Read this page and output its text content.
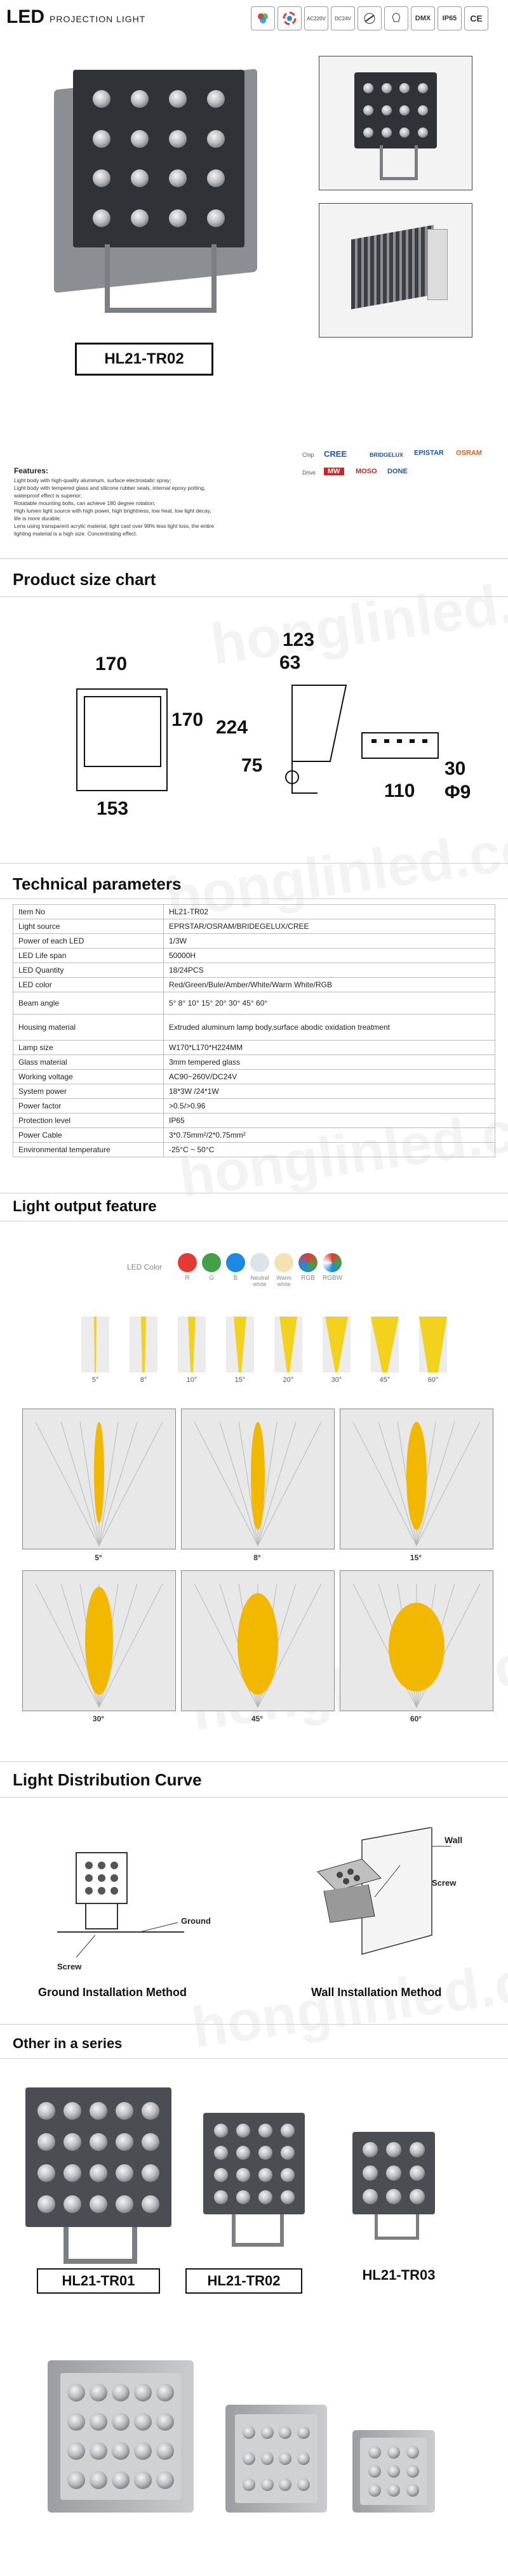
LED PROJECTION LIGHT	AC220V DC24V	DMX IP65 CE
HL21-TR02
Features:
Light body with high-quality aluminum, surface electrostatic spray;
Light body with tempered glass and silicone rubber seals, internal epoxy potting,
waterproof effect is superior;
Rotatable mounting bolts, can achieve 180 degree rotation;
High lumen light source with high power, high brightness, low heat, low light decay,
life is more durable;
Lens using transparent acrylic material, light cast over 98% less light loss, the entire
lighting material is a high size. Concentrating effect.
Chip CREE	BRIDGELUX EPISTAR OSRAM
Drive	MW	MOSO DONE
Product size chart
170
170
153
123
63
224
75	30
110 Φ9
Technical parameters
Item No	HL21-TR02
Light source	EPRSTAR/OSRAM/BRIDEGELUX/CREE
Power of each LED	1/3W
LED Life span	50000H
LED Quantity	18/24PCS
LED color	Red/Green/Bule/Amber/White/Warm White/RGB
Beam angle	5° 8° 10° 15° 20° 30° 45° 60°
Housing material	Extruded aluminum lamp body,surface abodic oxidation treatment
Lamp size	W170*L170*H224MM
Glass material	3mm tempered glass
Working voltage	AC90~260V/DC24V
System power	18*3W /24*1W
Power factor	>0.5/>0.96
Protection level	IP65
Power Cable	3*0.75mm²/2*0.75mm²
Environmental temperature	-25°C ~ 50°C
Light output feature
LED Color
R	G	B	Neutral white
Warm white
RGB	RGBW
5°	8°	10°	15°	20°	30°	45°	60°
5°	8°	15°
30°	45°	60°
Light Distribution Curve
Ground
Screw
Ground Installation Method
Wall
Screw
Wall Installation Method
Other in a series
HL21-TR01	HL21-TR02	HL21-TR03
